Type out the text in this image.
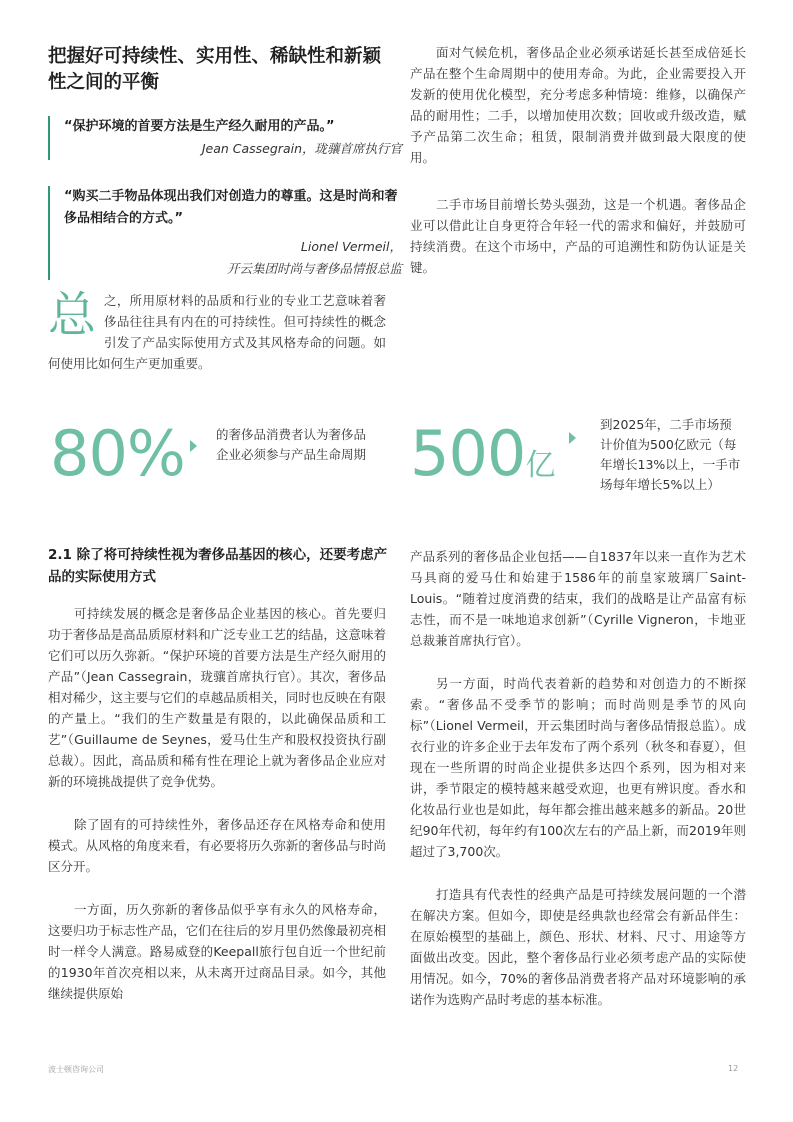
把握好可持续性、实用性、稀缺性和新颖性之间的平衡
“保护环境的首要方法是生产经久耐用的产品。”
Jean Cassegrain，珑骧首席执行官
“购买二手物品体现出我们对创造力的尊重。这是时尚和奢侈品相结合的方式。”
Lionel Vermeil，
开云集团时尚与奢侈品情报总监
总 之，所用原材料的品质和行业的专业工艺意味着奢侈品往往具有内在的可持续性。但可持续性的概念引发了产品实际使用方式及其风格寿命的问题。如何使用比如何生产更加重要。

面对气候危机，奢侈品企业必须承诺延长甚至成倍延长产品在整个生命周期中的使用寿命。为此，企业需要投入开发新的使用优化模型，充分考虑多种情境：维修，以确保产品的耐用性；二手，以增加使用次数；回收或升级改造，赋予产品第二次生命；租赁，限制消费并做到最大限度的使用。

二手市场目前增长势头强劲，这是一个机遇。奢侈品企业可以借此让自身更符合年轻一代的需求和偏好，并鼓励可持续消费。在这个市场中，产品的可追溯性和防伪认证是关键。

80% 的奢侈品消费者认为奢侈品企业必须参与产品生命周期 500亿
到2025年，二手市场预计价值为500亿欧元（每年增长13%以上，一手市场每年增长5%以上）
2.1 除了将可持续性视为奢侈品基因的核心，还要考虑产品的实际使用方式

可持续发展的概念是奢侈品企业基因的核心。首先要归功于奢侈品是高品质原材料和广泛专业工艺的结晶，这意味着它们可以历久弥新。“保护环境的首要方法是生产经久耐用的产品”（Jean Cassegrain，珑骧首席执行官）。其次，奢侈品相对稀少，这主要与它们的卓越品质相关，同时也反映在有限的产量上。“我们的生产数量是有限的，以此确保品质和工艺”（Guillaume de Seynes，爱马仕生产和股权投资执行副总裁）。因此，高品质和稀有性在理论上就为奢侈品企业应对新的环境挑战提供了竞争优势。

除了固有的可持续性外，奢侈品还存在风格寿命和使用模式。从风格的角度来看，有必要将历久弥新的奢侈品与时尚区分开。

一方面，历久弥新的奢侈品似乎享有永久的风格寿命，这要归功于标志性产品，它们在往后的岁月里仍然像最初亮相时一样令人满意。路易威登的Keepall旅行包自近一个世纪前的1930年首次亮相以来，从未离开过商品目录。如今，其他继续提供原始

产品系列的奢侈品企业包括——自1837年以来一直作为艺术马具商的爱马仕和始建于1586年的前皇家玻璃厂Saint-Louis。“随着过度消费的结束，我们的战略是让产品富有标志性，而不是一味地追求创新”（Cyrille Vigneron，卡地亚总裁兼首席执行官）。

另一方面，时尚代表着新的趋势和对创造力的不断探索。“奢侈品不受季节的影响；而时尚则是季节的风向标”（Lionel Vermeil，开云集团时尚与奢侈品情报总监）。成衣行业的许多企业于去年发布了两个系列（秋冬和春夏），但现在一些所谓的时尚企业提供多达四个系列，因为相对来讲，季节限定的模特越来越受欢迎，也更有辨识度。香水和化妆品行业也是如此，每年都会推出越来越多的新品。20世纪90年代初，每年约有100次左右的产品上新，而2019年则超过了3,700次。

打造具有代表性的经典产品是可持续发展问题的一个潜在解决方案。但如今，即使是经典款也经常会有新品伴生：在原始模型的基础上，颜色、形状、材料、尺寸、用途等方面做出改变。因此，整个奢侈品行业必须考虑产品的实际使用情况。如今，70%的奢侈品消费者将产品对环境影响的承诺作为选购产品时考虑的基本标准。

波士顿咨询公司	12
